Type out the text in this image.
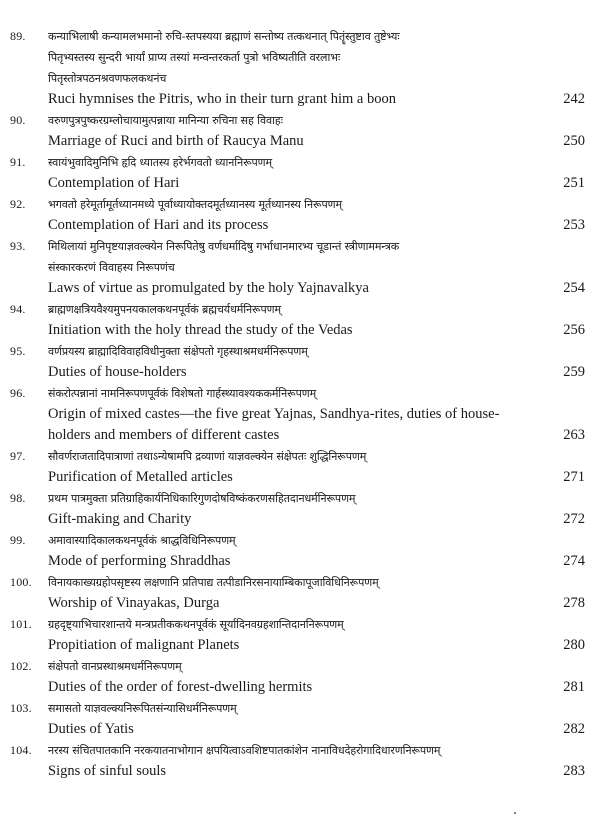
89.	कन्याभिलाषी कन्यामलभमानो रुचि-स्तपस्यया ब्रह्माणं सन्तोष्य तत्कथनात् पितॄंस्तुष्टाव तुष्टेभ्यः
पितृभ्यस्तस्य सुन्दरी भार्यां प्राप्य तस्यां मन्वन्तरकर्ता पुत्रो भविष्यतीति वरलाभः
पितृस्तोत्रपठनश्रवणफलकथनंच
Ruci hymnises the Pitris, who in their turn grant him a boon	242
90.	वरुणपुत्रपुष्करग्रम्लोचायामुत्पन्नाया मानिन्या रुचिना सह विवाहः
Marriage of Ruci and birth of Raucya Manu	250
91.	स्वायंभुवादिमुनिभि हृदि ध्यातस्य हरेर्भगवतो ध्याननिरूपणम्
Contemplation of Hari	251
92.	भगवतो हरेमूर्तामूर्तध्यानमध्ये पूर्वाध्यायोक्तदमूर्तध्यानस्य मूर्तध्यानस्य निरूपणम्
Contemplation of Hari and its process	253
93.	मिथिलायां मुनिपृष्टयाज्ञवल्क्येन निरूपितेषु वर्णधर्मादिषु गर्भाधानमारभ्य चूडान्तं स्त्रीणाममन्त्रक
संस्कारकरणं विवाहस्य निरूपणंच
Laws of virtue as promulgated by the holy Yajnavalkya	254
94.	ब्राह्मणक्षत्रियवैश्यमुपनयकालकथनपूर्वकं ब्रह्मचर्यधर्मनिरूपणम्
Initiation with the holy thread the study of the Vedas	256
95.	वर्णप्रयस्य ब्राह्मादिविवाहविधीनुक्ता संक्षेपतो गृहस्थाश्रमधर्मनिरूपणम्
Duties of house-holders	259
96.	संकरोत्पन्नानां नामनिरूपणपूर्वकं विशेषतो गार्हस्थ्यावश्यककर्मनिरूपणम्
Origin of mixed castes—the five great Yajnas, Sandhya-rites, duties of house-
holders and members of different castes	263
97.	सौवर्णराजतादिपात्राणां तथाऽन्येषामपि द्रव्याणां याज्ञवल्क्येन संक्षेपतः शुद्धिनिरूपणम्
Purification of Metalled articles	271
98.	प्रथम पात्रमुक्ता प्रतिग्राहिकार्यनिधिकारिगुणदोषविष्कंकरणसहितदानधर्मनिरूपणम्
Gift-making and Charity	272
99.	अमावास्यादिकालकथनपूर्वकं श्राद्धविधिनिरूपणम्
Mode of performing Shraddhas	274
100.	विनायकाख्यग्रहोपसृष्टस्य लक्षणानि प्रतिपाद्य तत्पीडानिरसनायाम्बिकापूजाविधिनिरूपणम्
Worship of Vinayakas, Durga	278
101.	ग्रहदृष्ट्याभिचारशान्तये मन्त्रप्रतीककथनपूर्वकं सूर्यादिनवग्रहशान्तिदाननिरूपणम्
Propitiation of malignant Planets	280
102.	संक्षेपतो वानप्रस्थाश्रमधर्मनिरूपणम्
Duties of the order of forest-dwelling hermits	281
103.	समासतो याज्ञवल्क्यनिरूपितसंन्यासिधर्मनिरूपणम्
Duties of Yatis	282
104.	नरस्य संचितपातकानि नरकयातनाभोगान क्षपयित्वाऽवशिष्टपातकांशेन नानाविधदेहरोगादिधारणनिरूपणम्
Signs of sinful souls	283
